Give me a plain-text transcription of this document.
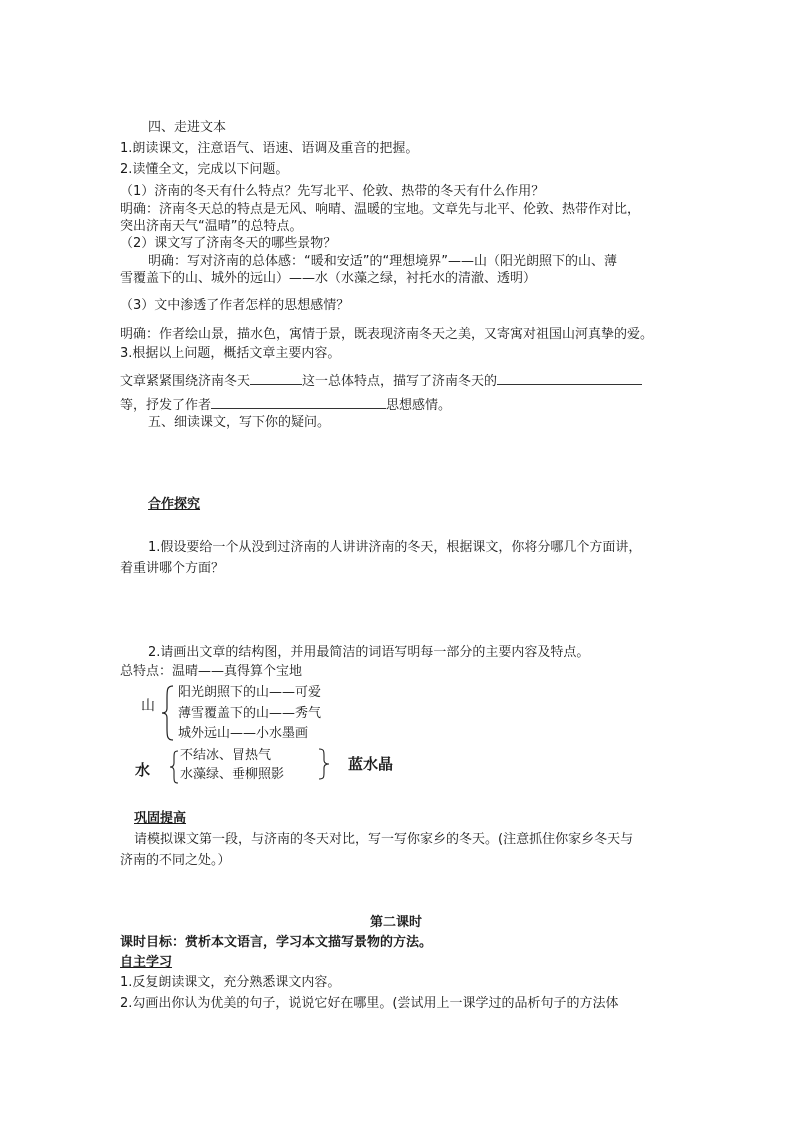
四、走进文本
1.朗读课文，注意语气、语速、语调及重音的把握。
2.读懂全文，完成以下问题。
（1）济南的冬天有什么特点？先写北平、伦敦、热带的冬天有什么作用？
明确：济南冬天总的特点是无风、响晴、温暖的宝地。文章先与北平、伦敦、热带作对比，
突出济南天气“温晴”的总特点。
（2）课文写了济南冬天的哪些景物？
明确：写对济南的总体感：“暖和安适”的“理想境界”——山（阳光朗照下的山、薄
雪覆盖下的山、城外的远山）——水（水藻之绿，衬托水的清澈、透明）
（3）文中渗透了作者怎样的思想感情？
明确：作者绘山景，描水色，寓情于景，既表现济南冬天之美，又寄寓对祖国山河真挚的爱。
3.根据以上问题，概括文章主要内容。
文章紧紧围绕济南冬天	这一总体特点，描写了济南冬天的
等，抒发了作者	思想感情。
五、细读课文，写下你的疑问。
合作探究
1.假设要给一个从没到过济南的人讲讲济南的冬天，根据课文，你将分哪几个方面讲，
着重讲哪个方面？
2.请画出文章的结构图，并用最简洁的词语写明每一部分的主要内容及特点。
总特点：温晴——真得算个宝地
山
阳光朗照下的山——可爱
薄雪覆盖下的山——秀气
城外远山——小水墨画
水
不结冰、冒热气
水藻绿、垂柳照影
蓝水晶
巩固提高
请模拟课文第一段，与济南的冬天对比，写一写你家乡的冬天。(注意抓住你家乡冬天与
济南的不同之处。）
第二课时
课时目标：赏析本文语言，学习本文描写景物的方法。
自主学习
1.反复朗读课文，充分熟悉课文内容。
2.勾画出你认为优美的句子，说说它好在哪里。(尝试用上一课学过的品析句子的方法体
